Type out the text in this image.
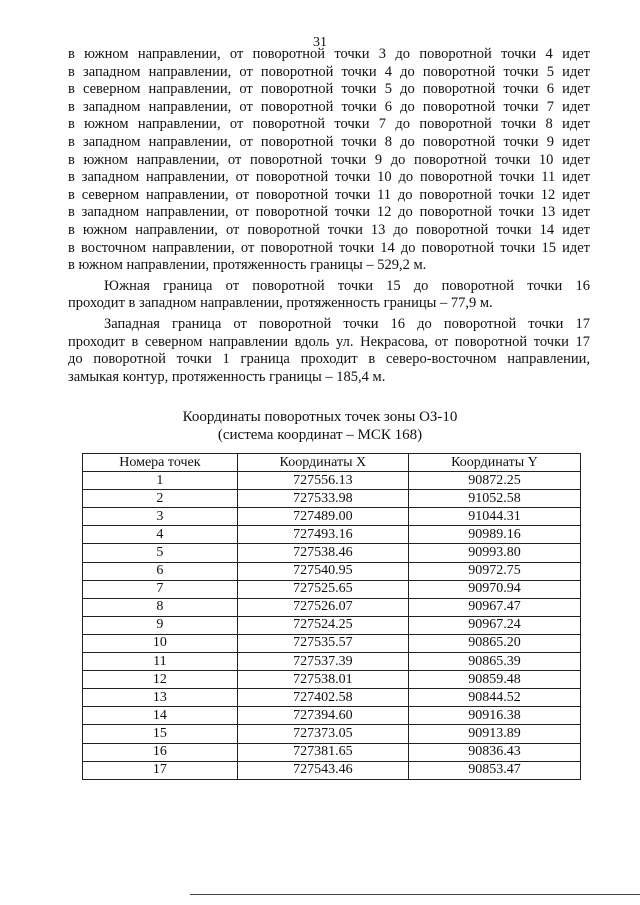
31
в южном направлении, от поворотной точки 3 до поворотной точки 4 идет
в западном направлении, от поворотной точки 4 до поворотной точки 5 идет
в северном направлении, от поворотной точки 5 до поворотной точки 6 идет
в западном направлении, от поворотной точки 6 до поворотной точки 7 идет
в южном направлении, от поворотной точки 7 до поворотной точки 8 идет
в западном направлении, от поворотной точки 8 до поворотной точки 9 идет
в южном направлении, от поворотной точки 9 до поворотной точки 10 идет
в западном направлении, от поворотной точки 10 до поворотной точки 11 идет
в северном направлении, от поворотной точки 11 до поворотной точки 12 идет
в западном направлении, от поворотной точки 12 до поворотной точки 13 идет
в южном направлении, от поворотной точки 13 до поворотной точки 14 идет
в восточном направлении, от поворотной точки 14 до поворотной точки 15 идет
в южном направлении, протяженность границы – 529,2 м.
Южная граница от поворотной точки 15 до поворотной точки 16
проходит в западном направлении, протяженность границы – 77,9 м.
Западная граница от поворотной точки 16 до поворотной точки 17
проходит в северном направлении вдоль ул. Некрасова, от поворотной точки 17
до поворотной точки 1 граница проходит в северо-восточном направлении,
замыкая контур, протяженность границы – 185,4 м.
Координаты поворотных точек зоны ОЗ-10
(система координат – МСК 168)
Номера точек	Координаты X	Координаты Y
1	727556.13	90872.25
2	727533.98	91052.58
3	727489.00	91044.31
4	727493.16	90989.16
5	727538.46	90993.80
6	727540.95	90972.75
7	727525.65	90970.94
8	727526.07	90967.47
9	727524.25	90967.24
10	727535.57	90865.20
11	727537.39	90865.39
12	727538.01	90859.48
13	727402.58	90844.52
14	727394.60	90916.38
15	727373.05	90913.89
16	727381.65	90836.43
17	727543.46	90853.47
